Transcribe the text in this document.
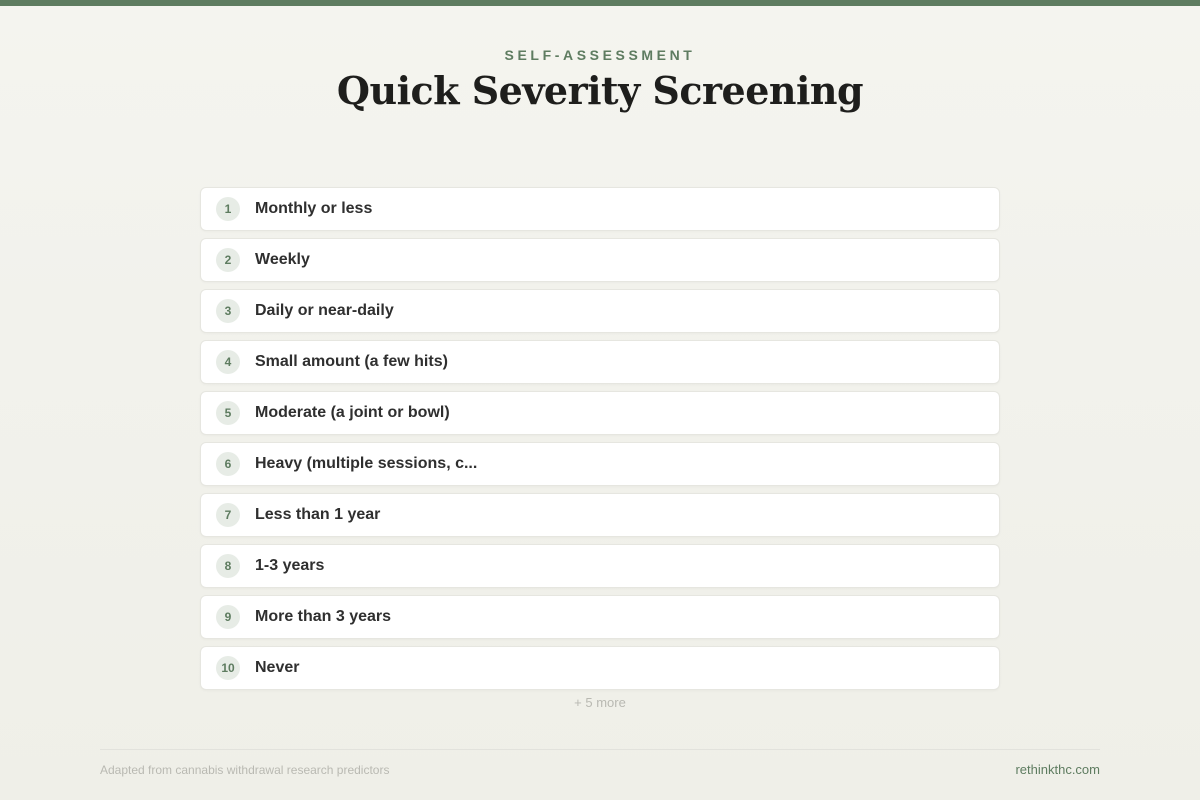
SELF-ASSESSMENT
Quick Severity Screening
1	Monthly or less
2	Weekly
3	Daily or near-daily
4	Small amount (a few hits)
5	Moderate (a joint or bowl)
6	Heavy (multiple sessions, c...
7	Less than 1 year
8	1-3 years
9	More than 3 years
10	Never
+ 5 more
Adapted from cannabis withdrawal research predictors	rethinkthc.com
